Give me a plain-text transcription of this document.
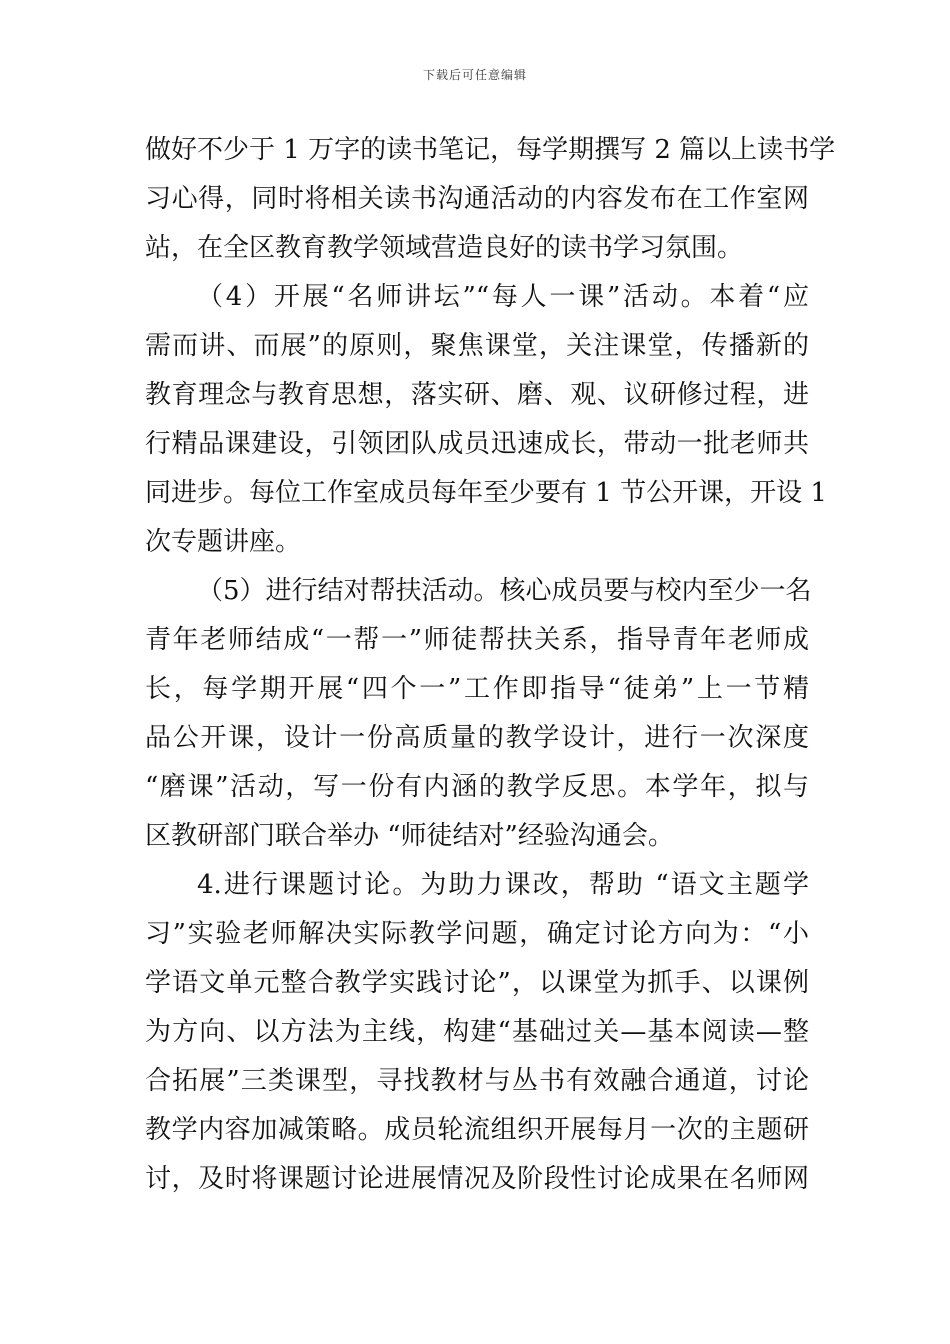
下载后可任意编辑
做好不少于 1 万字的读书笔记，每学期撰写 2 篇以上读书学
习心得，同时将相关读书沟通活动的内容发布在工作室网
站，在全区教育教学领域营造良好的读书学习氛围。
（4）开展“名师讲坛”“每人一课”活动。本着“应
需而讲、而展”的原则，聚焦课堂，关注课堂，传播新的
教育理念与教育思想，落实研、磨、观、议研修过程，进
行精品课建设，引领团队成员迅速成长，带动一批老师共
同进步。每位工作室成员每年至少要有 1 节公开课，开设 1
次专题讲座。
（5）进行结对帮扶活动。核心成员要与校内至少一名
青年老师结成“一帮一”师徒帮扶关系，指导青年老师成
长，每学期开展“四个一”工作即指导“徒弟”上一节精
品公开课，设计一份高质量的教学设计，进行一次深度
“磨课”活动，写一份有内涵的教学反思。本学年，拟与
区教研部门联合举办 “师徒结对”经验沟通会。
4.进行课题讨论。为助力课改，帮助 “语文主题学
习”实验老师解决实际教学问题，确定讨论方向为：“小
学语文单元整合教学实践讨论”，以课堂为抓手、以课例
为方向、以方法为主线，构建“基础过关—基本阅读—整
合拓展”三类课型，寻找教材与丛书有效融合通道，讨论
教学内容加减策略。成员轮流组织开展每月一次的主题研
讨，及时将课题讨论进展情况及阶段性讨论成果在名师网
